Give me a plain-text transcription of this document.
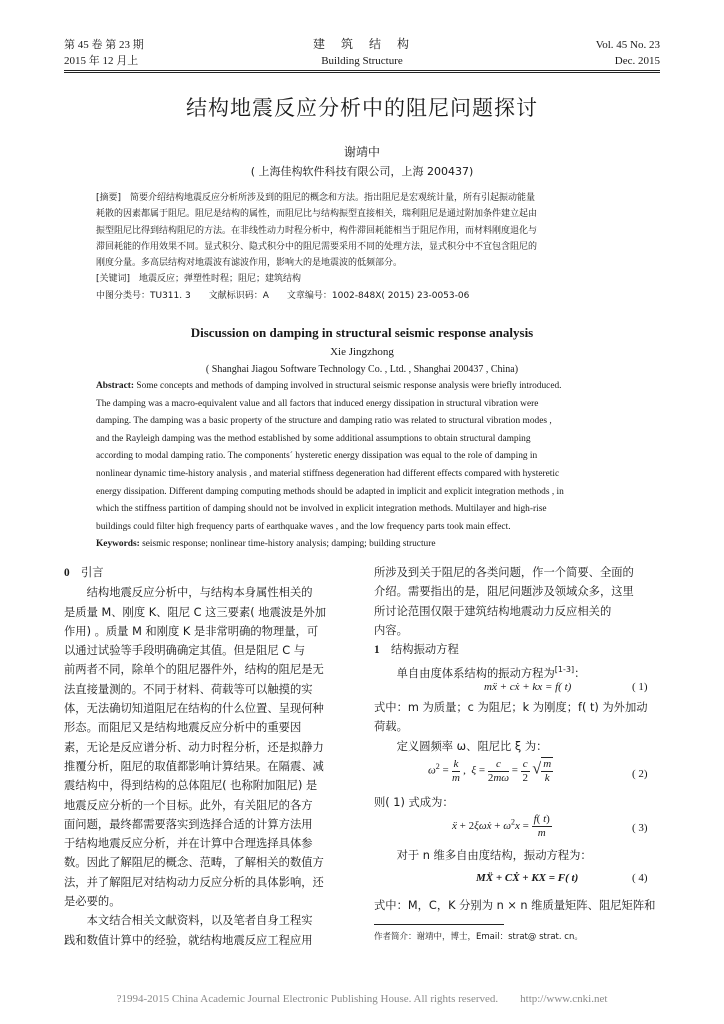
第 45 卷 第 23 期
2015 年 12 月上
建　筑　结　构
Building Structure
Vol. 45 No. 23
Dec. 2015
结构地震反应分析中的阻尼问题探讨
谢靖中
( 上海佳构软件科技有限公司，上海 200437)
[摘要]　 简要介绍结构地震反应分析所涉及到的阻尼的概念和方法。指出阻尼是宏观统计量，所有引起振动能量
耗散的因素都属于阻尼。阻尼是结构的属性，而阻尼比与结构振型直接相关，瑞利阻尼是通过附加条件建立起由
振型阻尼比得到结构阻尼的方法。在非线性动力时程分析中，构件滞回耗能相当于阻尼作用，而材料刚度退化与
滞回耗能的作用效果不同。显式积分、隐式积分中的阻尼需要采用不同的处理方法，显式积分中不宜包含阻尼的
刚度分量。多高层结构对地震波有滤波作用，影响大的是地震波的低频部分。
[关键词]　 地震反应；弹塑性时程；阻尼；建筑结构
中图分类号：TU311. 3　　文献标识码：A　　文章编号：1002-848X( 2015) 23-0053-06
Discussion on damping in structural seismic response analysis
Xie Jingzhong
( Shanghai Jiagou Software Technology Co. , Ltd. , Shanghai 200437 , China)
Abstract: Some concepts and methods of damping involved in structural seismic response analysis were briefly introduced.
The damping was a macro-equivalent value and all factors that induced energy dissipation in structural vibration were
damping. The damping was a basic property of the structure and damping ratio was related to structural vibration modes ,
and the Rayleigh damping was the method established by some additional assumptions to obtain structural damping
according to modal damping ratio. The components´ hysteretic energy dissipation was equal to the role of damping in
nonlinear dynamic time-history analysis , and material stiffness degeneration had different effects compared with hysteretic
energy dissipation. Different damping computing methods should be adapted in implicit and explicit integration methods , in
which the stiffness partition of damping should not be involved in explicit integration methods. Multilayer and high-rise
buildings could filter high frequency parts of earthquake waves , and the low frequency parts took main effect.
Keywords: seismic response; nonlinear time-history analysis; damping; building structure
0　 引言
　　结构地震反应分析中，与结构本身属性相关的
是质量 M、刚度 K、阻尼 C 这三要素( 地震波是外加
作用) 。质量 M 和刚度 K 是非常明确的物理量，可
以通过试验等手段明确确定其值。但是阻尼 C 与
前两者不同，除单个的阻尼器件外，结构的阻尼是无
法直接量测的。不同于材料、荷载等可以触摸的实
体，无法确切知道阻尼在结构的什么位置、呈现何种
形态。而阻尼又是结构地震反应分析中的重要因
素，无论是反应谱分析、动力时程分析，还是拟静力
推覆分析，阻尼的取值都影响计算结果。在隔震、减
震结构中，得到结构的总体阻尼( 也称附加阻尼) 是
地震反应分析的一个目标。此外，有关阻尼的各方
面问题，最终都需要落实到选择合适的计算方法用
于结构地震反应分析，并在计算中合理选择具体参
数。因此了解阻尼的概念、范畴，了解相关的数值方
法，并了解阻尼对结构动力反应分析的具体影响，还
是必要的。
　　本文结合相关文献资料，以及笔者自身工程实
践和数值计算中的经验，就结构地震反应工程应用
所涉及到关于阻尼的各类问题，作一个简要、全面的
介绍。需要指出的是，阻尼问题涉及领域众多，这里
所讨论范围仅限于建筑结构地震动力反应相关的
内容。
1　 结构振动方程
　　单自由度体系结构的振动方程为[1-3]：
mẍ + cẋ + kx = f( t)	( 1)
式中：m 为质量；c 为阻尼；k 为刚度；f( t) 为外加动
荷载。
　　定义圆频率 ω、阻尼比 ξ 为：
$\omega^2 = \frac{k}{m}$ ,  $\xi = \frac{c}{2m\omega} = \frac{c}{2}$ √ $\frac{m}{k}$	( 2)
则( 1) 式成为：
ẍ + 2ξωẋ + $\omega^2x = \frac{f( t)}{m}$	( 3)
　　对于 n 维多自由度结构，振动方程为：
MẌ + CẊ + KX = F( t)	( 4)
式中：M，C，K 分别为 n × n 维质量矩阵、阻尼矩阵和
作者简介：谢靖中，博士，Email：strat@ strat. cn。
?1994-2015 China Academic Journal Electronic Publishing House. All rights reserved.　　http://www.cnki.net
